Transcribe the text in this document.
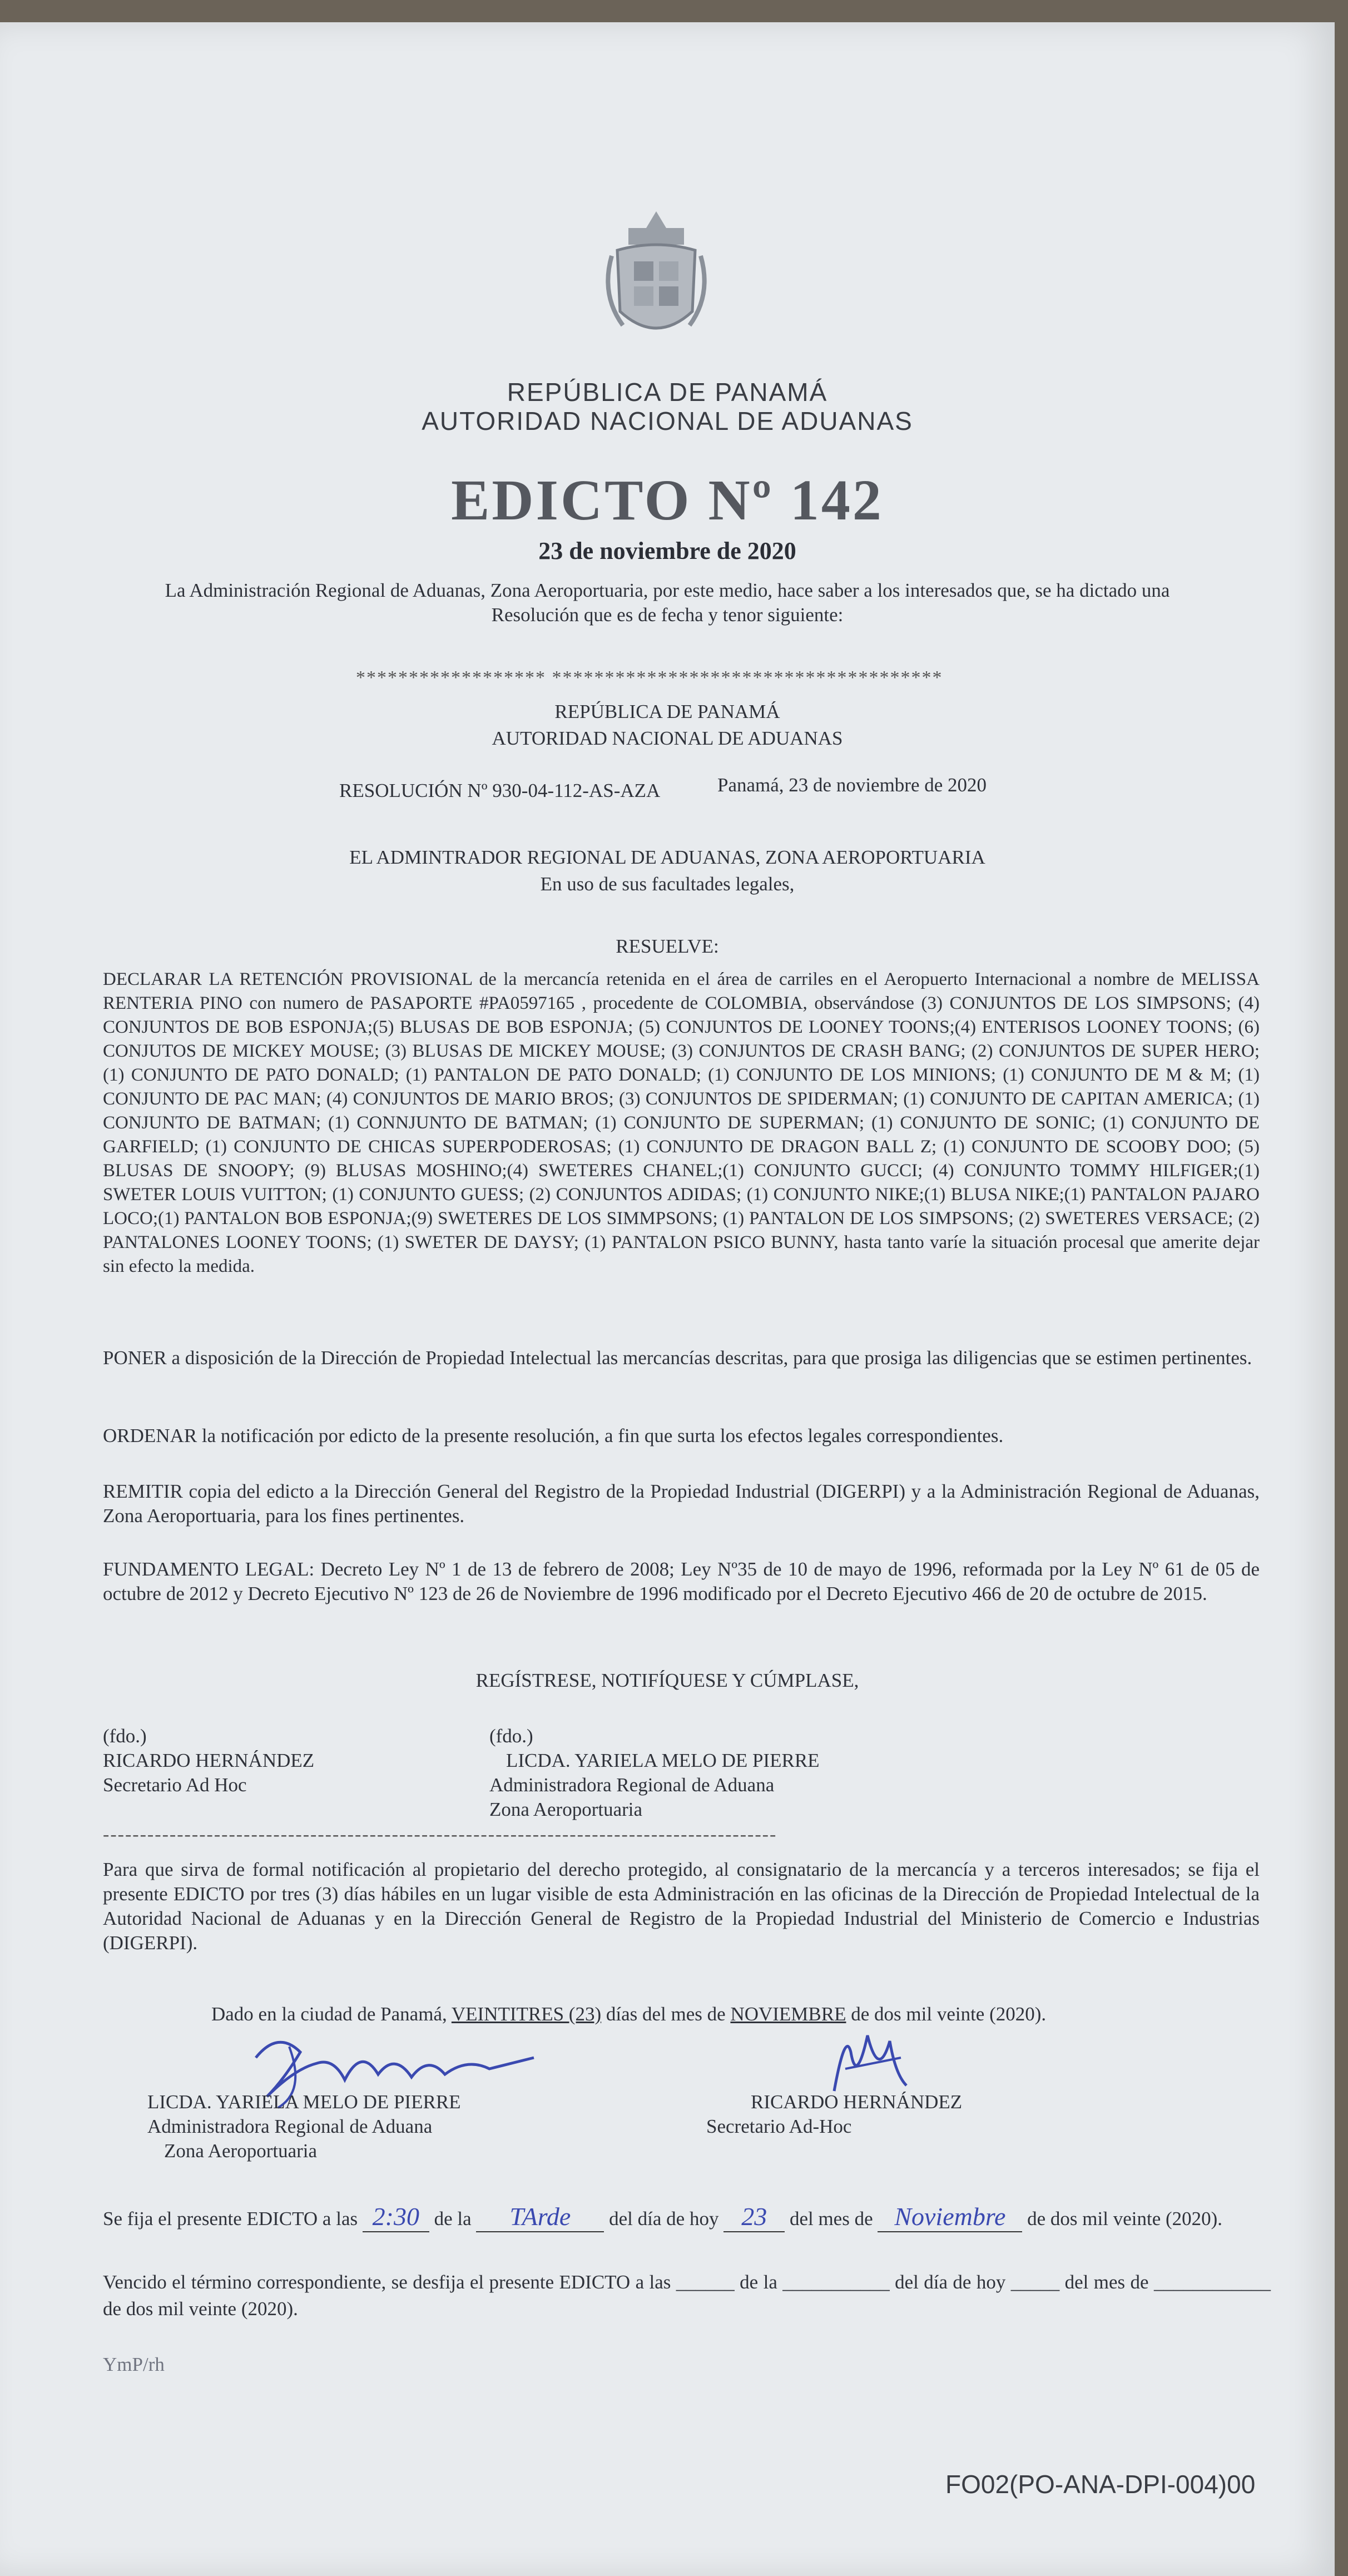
REPÚBLICA DE PANAMÁ
AUTORIDAD NACIONAL DE ADUANAS
EDICTO Nº 142
23 de noviembre de 2020
La Administración Regional de Aduanas, Zona Aeroportuaria, por este medio, hace saber a los interesados que, se ha dictado una Resolución que es de fecha y tenor siguiente:
****************** *************************************
REPÚBLICA DE PANAMÁ
AUTORIDAD NACIONAL DE ADUANAS
RESOLUCIÓN Nº 930-04-112-AS-AZA	Panamá, 23 de noviembre de 2020
EL ADMINTRADOR REGIONAL DE ADUANAS, ZONA AEROPORTUARIA
En uso de sus facultades legales,
RESUELVE:
DECLARAR LA RETENCIÓN PROVISIONAL de la mercancía retenida en el área de carriles en el Aeropuerto Internacional a nombre de MELISSA RENTERIA PINO con numero de PASAPORTE #PA0597165 , procedente de COLOMBIA, observándose (3) CONJUNTOS DE LOS SIMPSONS; (4) CONJUNTOS DE BOB ESPONJA;(5) BLUSAS DE BOB ESPONJA; (5) CONJUNTOS DE LOONEY TOONS;(4) ENTERISOS LOONEY TOONS; (6) CONJUTOS DE MICKEY MOUSE; (3) BLUSAS DE MICKEY MOUSE; (3) CONJUNTOS DE CRASH BANG; (2) CONJUNTOS DE SUPER HERO; (1) CONJUNTO DE PATO DONALD; (1) PANTALON DE PATO DONALD; (1) CONJUNTO DE LOS MINIONS; (1) CONJUNTO DE M & M; (1) CONJUNTO DE PAC MAN; (4) CONJUNTOS DE MARIO BROS; (3) CONJUNTOS DE SPIDERMAN; (1) CONJUNTO DE CAPITAN AMERICA; (1) CONJUNTO DE BATMAN; (1) CONNJUNTO DE BATMAN; (1) CONJUNTO DE SUPERMAN; (1) CONJUNTO DE SONIC; (1) CONJUNTO DE GARFIELD; (1) CONJUNTO DE CHICAS SUPERPODEROSAS; (1) CONJUNTO DE DRAGON BALL Z; (1) CONJUNTO DE SCOOBY DOO; (5) BLUSAS DE SNOOPY; (9) BLUSAS MOSHINO;(4) SWETERES CHANEL;(1) CONJUNTO GUCCI; (4) CONJUNTO TOMMY HILFIGER;(1) SWETER LOUIS VUITTON; (1) CONJUNTO GUESS; (2) CONJUNTOS ADIDAS; (1) CONJUNTO NIKE;(1) BLUSA NIKE;(1) PANTALON PAJARO LOCO;(1) PANTALON BOB ESPONJA;(9) SWETERES DE LOS SIMMPSONS; (1) PANTALON DE LOS SIMPSONS; (2) SWETERES VERSACE; (2) PANTALONES LOONEY TOONS; (1) SWETER DE DAYSY; (1) PANTALON PSICO BUNNY, hasta tanto varíe la situación procesal que amerite dejar sin efecto la medida.
PONER a disposición de la Dirección de Propiedad Intelectual las mercancías descritas, para que prosiga las diligencias que se estimen pertinentes.
ORDENAR la notificación por edicto de la presente resolución, a fin que surta los efectos legales correspondientes.
REMITIR copia del edicto a la Dirección General del Registro de la Propiedad Industrial (DIGERPI) y a la Administración Regional de Aduanas, Zona Aeroportuaria, para los fines pertinentes.
FUNDAMENTO LEGAL: Decreto Ley Nº 1 de 13 de febrero de 2008; Ley Nº35 de 10 de mayo de 1996, reformada por la Ley Nº 61 de 05 de octubre de 2012 y Decreto Ejecutivo Nº 123 de 26 de Noviembre de 1996 modificado por el Decreto Ejecutivo 466 de 20 de octubre de 2015.
REGÍSTRESE, NOTIFÍQUESE Y CÚMPLASE,
(fdo.)
RICARDO HERNÁNDEZ
Secretario Ad Hoc
(fdo.)
LICDA. YARIELA MELO DE PIERRE
Administradora Regional de Aduana
Zona Aeroportuaria
-------------------------------------------------------------------------------------------
Para que sirva de formal notificación al propietario del derecho protegido, al consignatario de la mercancía y a terceros interesados; se fija el presente EDICTO por tres (3) días hábiles en un lugar visible de esta Administración en las oficinas de la Dirección de Propiedad Intelectual de la Autoridad Nacional de Aduanas y en la Dirección General de Registro de la Propiedad Industrial del Ministerio de Comercio e Industrias (DIGERPI).
Dado en la ciudad de Panamá, VEINTITRES (23) días del mes de NOVIEMBRE de dos mil veinte (2020).
LICDA. YARIELA MELO DE PIERRE
Administradora Regional de Aduana
Zona Aeroportuaria
RICARDO HERNÁNDEZ
Secretario Ad-Hoc
Se fija el presente EDICTO a las 2:30 de la TArde del día de hoy 23 del mes de Noviembre de dos mil veinte (2020).
Vencido el término correspondiente, se desfija el presente EDICTO a las ______ de la ___________ del día de hoy _____ del mes de ____________ de dos mil veinte (2020).
YmP/rh
FO02(PO-ANA-DPI-004)00
